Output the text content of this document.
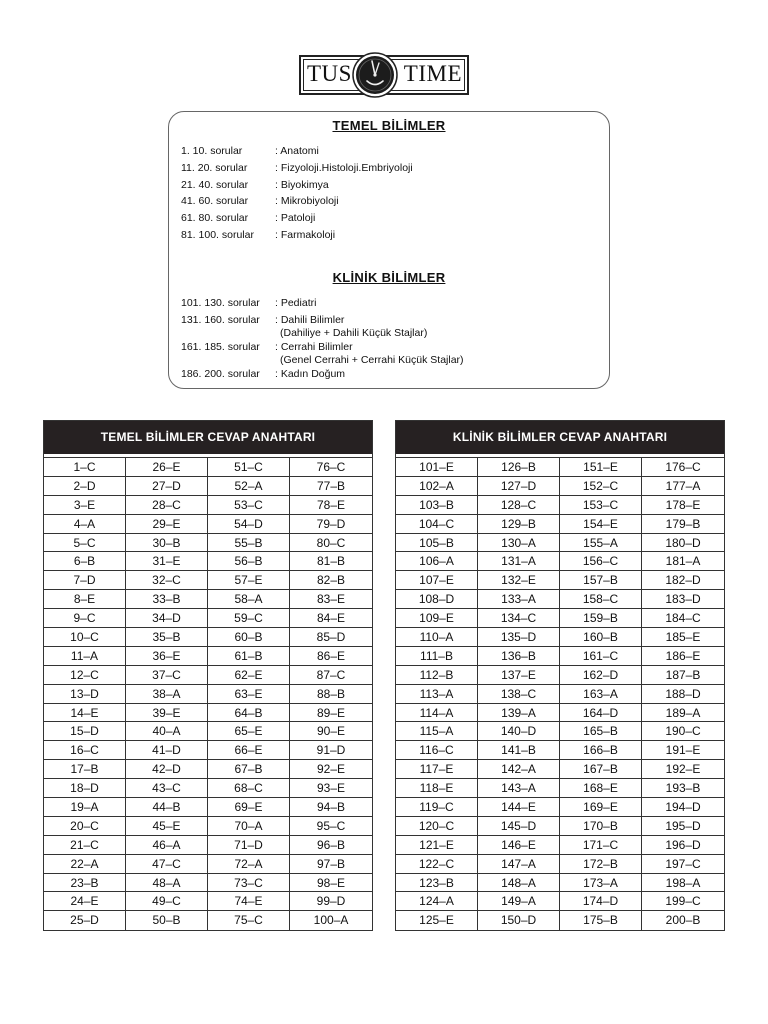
TUS TIME
TEMEL BİLİMLER
1. 10. sorular	: Anatomi
11. 20. sorular	: Fizyoloji.Histoloji.Embriyoloji
21. 40. sorular	: Biyokimya
41. 60. sorular	: Mikrobiyoloji
61. 80. sorular	: Patoloji
81. 100. sorular : Farmakoloji
KLİNİK BİLİMLER
101. 130. sorular : Pediatri
131. 160. sorular : Dahili Bilimler
(Dahiliye + Dahili Küçük Stajlar)
161. 185. sorular : Cerrahi Bilimler
(Genel Cerrahi + Cerrahi Küçük Stajlar)
186. 200. sorular : Kadın Doğum
TEMEL BİLİMLER CEVAP ANAHTARI
1–C	26–E	51–C	76–C
2–D	27–D	52–A	77–B
3–E	28–C	53–C	78–E
4–A	29–E	54–D	79–D
5–C	30–B	55–B	80–C
6–B	31–E	56–B	81–B
7–D	32–C	57–E	82–B
8–E	33–B	58–A	83–E
9–C	34–D	59–C	84–E
10–C	35–B	60–B	85–D
11–A	36–E	61–B	86–E
12–C	37–C	62–E	87–C
13–D	38–A	63–E	88–B
14–E	39–E	64–B	89–E
15–D	40–A	65–E	90–E
16–C	41–D	66–E	91–D
17–B	42–D	67–B	92–E
18–D	43–C	68–C	93–E
19–A	44–B	69–E	94–B
20–C	45–E	70–A	95–C
21–C	46–A	71–D	96–B
22–A	47–C	72–A	97–B
23–B	48–A	73–C	98–E
24–E	49–C	74–E	99–D
25–D	50–B	75–C	100–A
KLİNİK BİLİMLER CEVAP ANAHTARI
101–E	126–B	151–E	176–C
102–A	127–D	152–C	177–A
103–B	128–C	153–C	178–E
104–C	129–B	154–E	179–B
105–B	130–A	155–A	180–D
106–A	131–A	156–C	181–A
107–E	132–E	157–B	182–D
108–D	133–A	158–C	183–D
109–E	134–C	159–B	184–C
110–A	135–D	160–B	185–E
111–B	136–B	161–C	186–E
112–B	137–E	162–D	187–B
113–A	138–C	163–A	188–D
114–A	139–A	164–D	189–A
115–A	140–D	165–B	190–C
116–C	141–B	166–B	191–E
117–E	142–A	167–B	192–E
118–E	143–A	168–E	193–B
119–C	144–E	169–E	194–D
120–C	145–D	170–B	195–D
121–E	146–E	171–C	196–D
122–C	147–A	172–B	197–C
123–B	148–A	173–A	198–A
124–A	149–A	174–D	199–C
125–E	150–D	175–B	200–B
